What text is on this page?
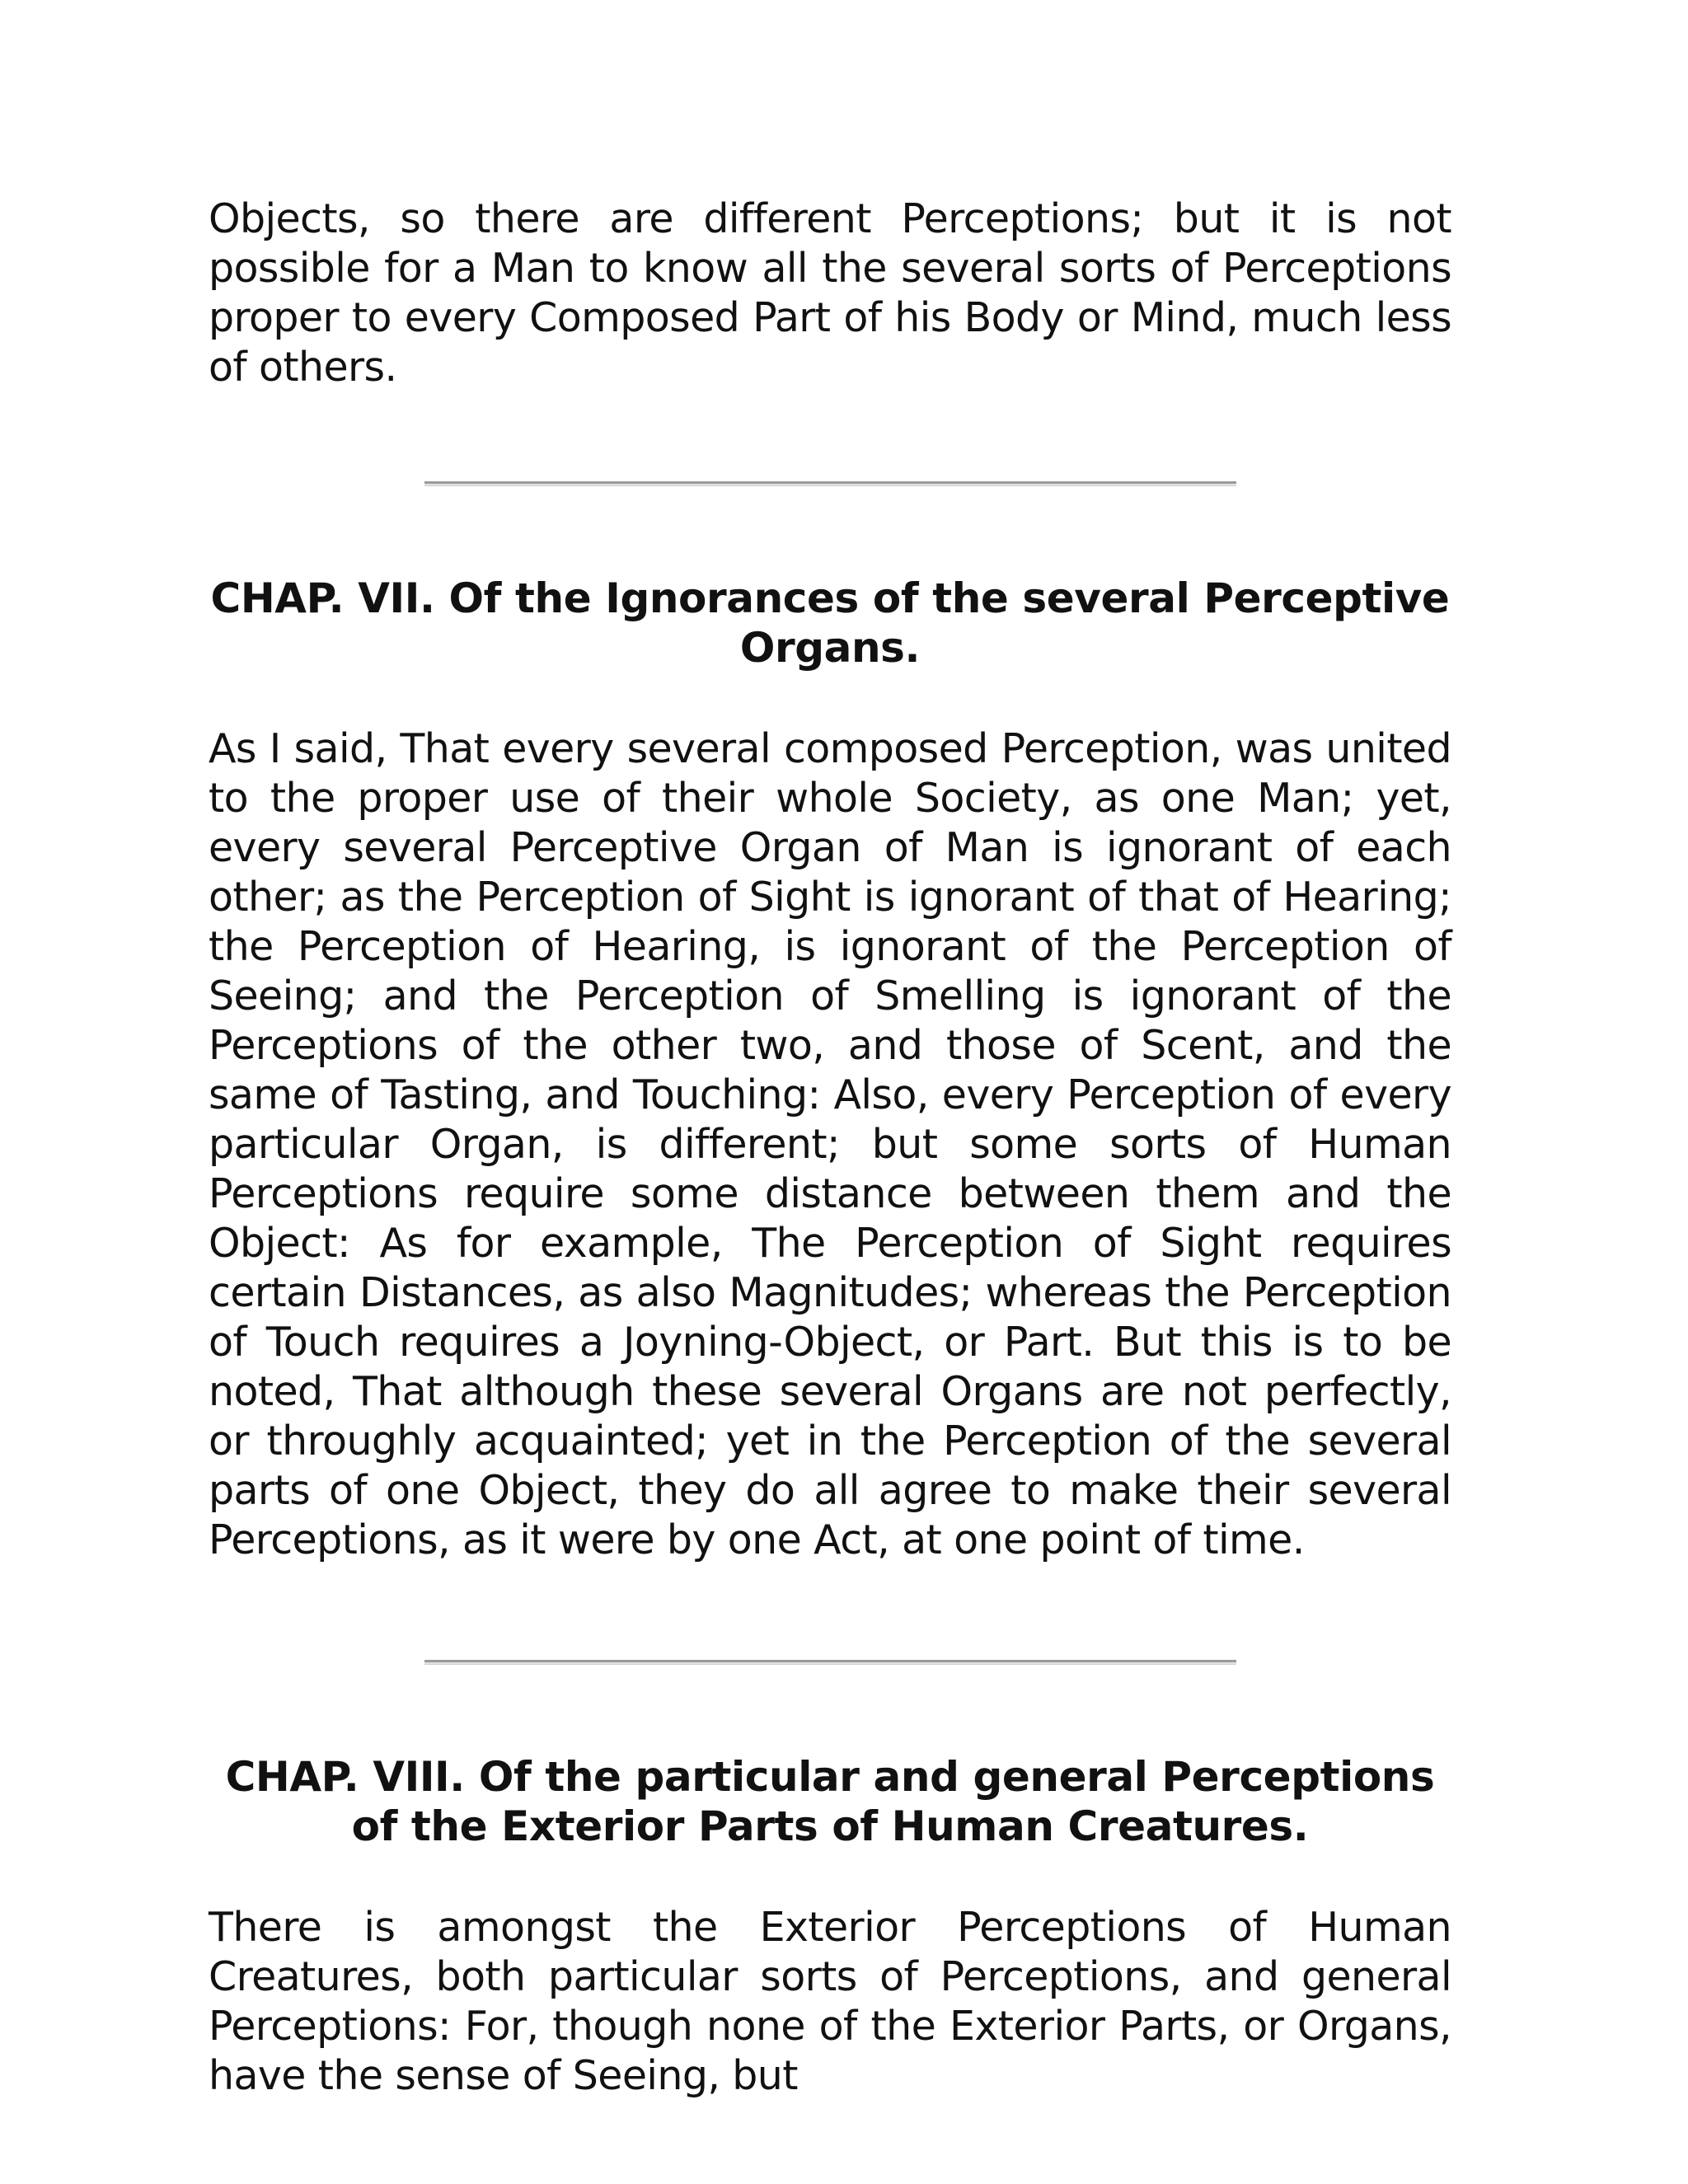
Objects, so there are different Perceptions; but it is not possible for a Man to know all the several sorts of Perceptions proper to every Composed Part of his Body or Mind, much less of others.

CHAP. VII. Of the Ignorances of the several Perceptive Organs.

As I said, That every several composed Perception, was united to the proper use of their whole Society, as one Man; yet, every several Perceptive Organ of Man is ignorant of each other; as the Perception of Sight is ignorant of that of Hearing; the Perception of Hearing, is ignorant of the Perception of Seeing; and the Perception of Smelling is ignorant of the Perceptions of the other two, and those of Scent, and the same of Tasting, and Touching: Also, every Perception of every particular Organ, is different; but some sorts of Human Perceptions require some distance between them and the Object: As for example, The Perception of Sight requires certain Distances, as also Magnitudes; whereas the Perception of Touch requires a Joyning-Object, or Part. But this is to be noted, That although these several Organs are not perfectly, or throughly acquainted; yet in the Perception of the several parts of one Object, they do all agree to make their several Perceptions, as it were by one Act, at one point of time.

CHAP. VIII. Of the particular and general Perceptions of the Exterior Parts of Human Creatures.

There is amongst the Exterior Perceptions of Human Creatures, both particular sorts of Perceptions, and general Perceptions: For, though none of the Exterior Parts, or Organs, have the sense of Seeing, but
